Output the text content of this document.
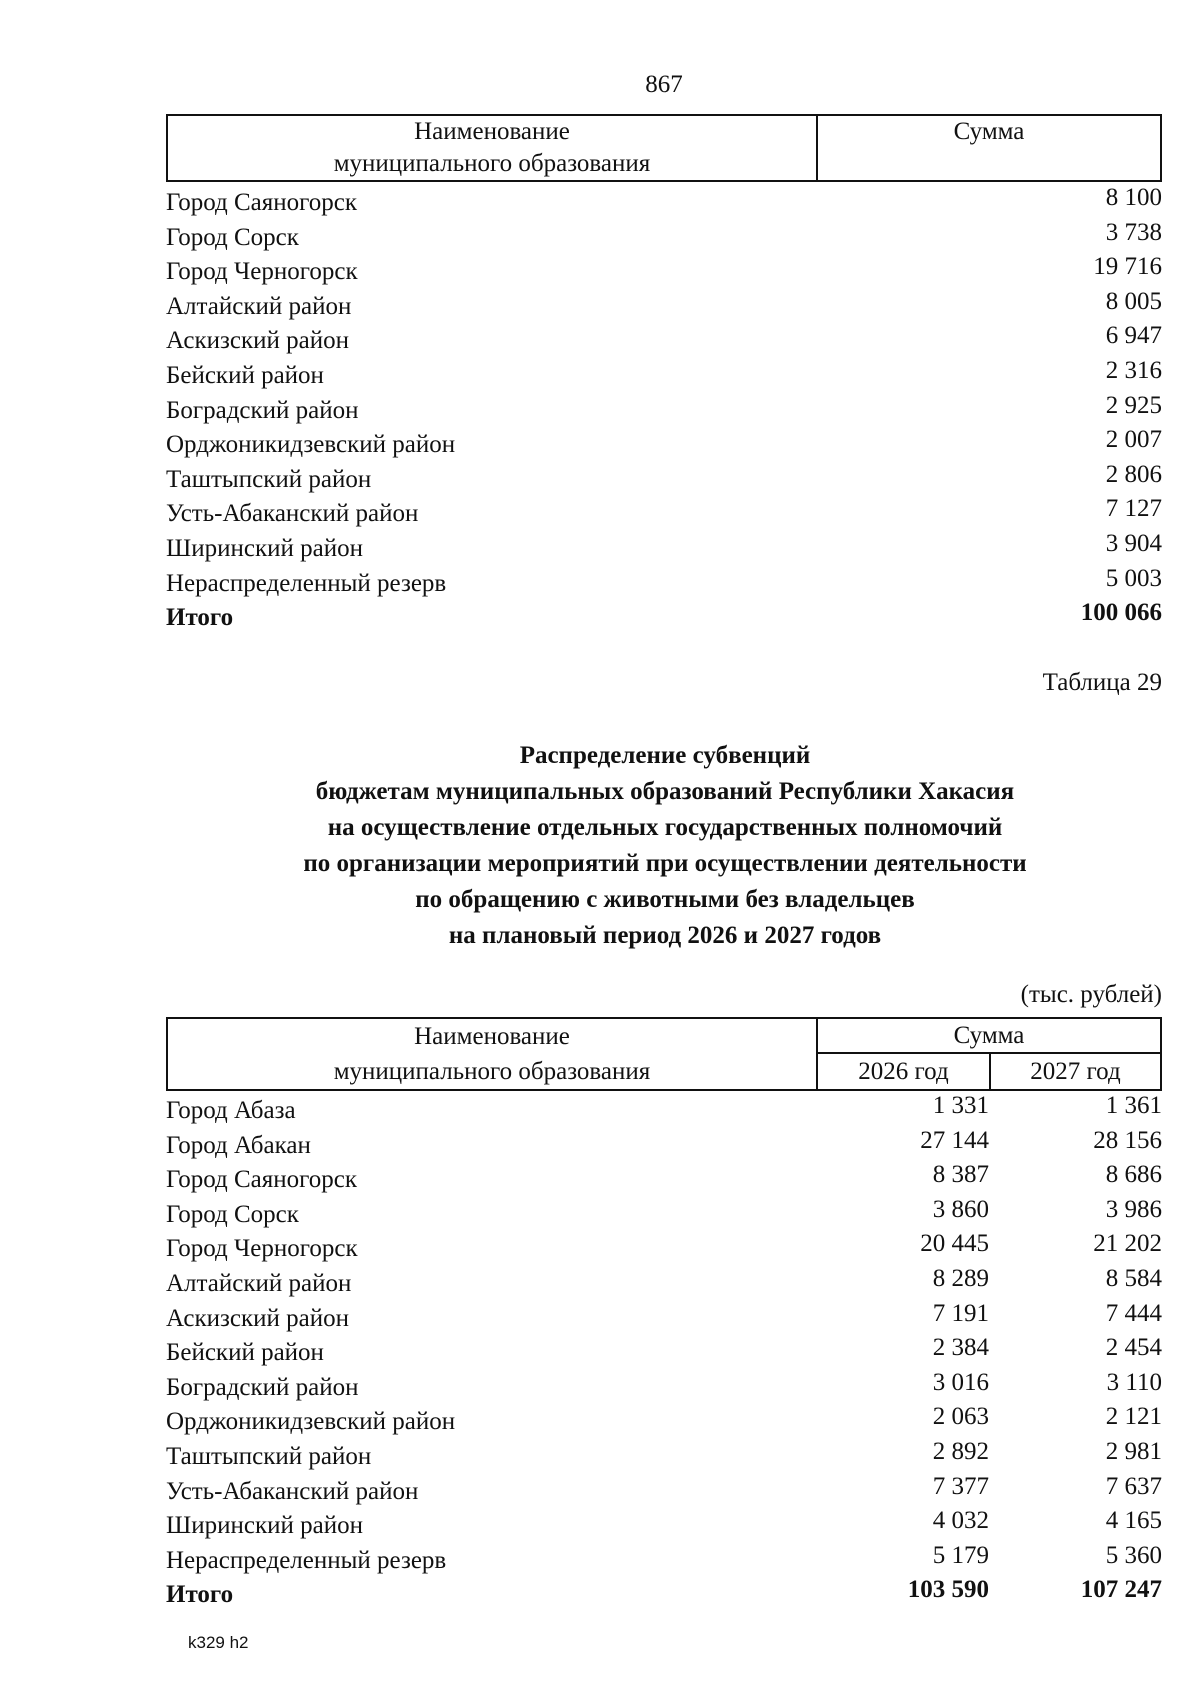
867
Наименование
муниципального образования
Сумма
Город Саяногорск	8 100
Город Сорск	3 738
Город Черногорск	19 716
Алтайский район	8 005
Аскизский район	6 947
Бейский район	2 316
Боградский район	2 925
Орджоникидзевский район	2 007
Таштыпский район	2 806
Усть-Абаканский район	7 127
Ширинский район	3 904
Нераспределенный резерв	5 003
Итого	100 066
Таблица 29
Распределение субвенций
бюджетам муниципальных образований Республики Хакасия
на осуществление отдельных государственных полномочий
по организации мероприятий при осуществлении деятельности
по обращению с животными без владельцев
на плановый период 2026 и 2027 годов
(тыс. рублей)
Наименование
муниципального образования
Сумма
2026 год	2027 год
Город Абаза	1 331	1 361
Город Абакан	27 144	28 156
Город Саяногорск	8 387	8 686
Город Сорск	3 860	3 986
Город Черногорск	20 445	21 202
Алтайский район	8 289	8 584
Аскизский район	7 191	7 444
Бейский район	2 384	2 454
Боградский район	3 016	3 110
Орджоникидзевский район	2 063	2 121
Таштыпский район	2 892	2 981
Усть-Абаканский район	7 377	7 637
Ширинский район	4 032	4 165
Нераспределенный резерв	5 179	5 360
Итого	103 590	107 247
k329 h2
